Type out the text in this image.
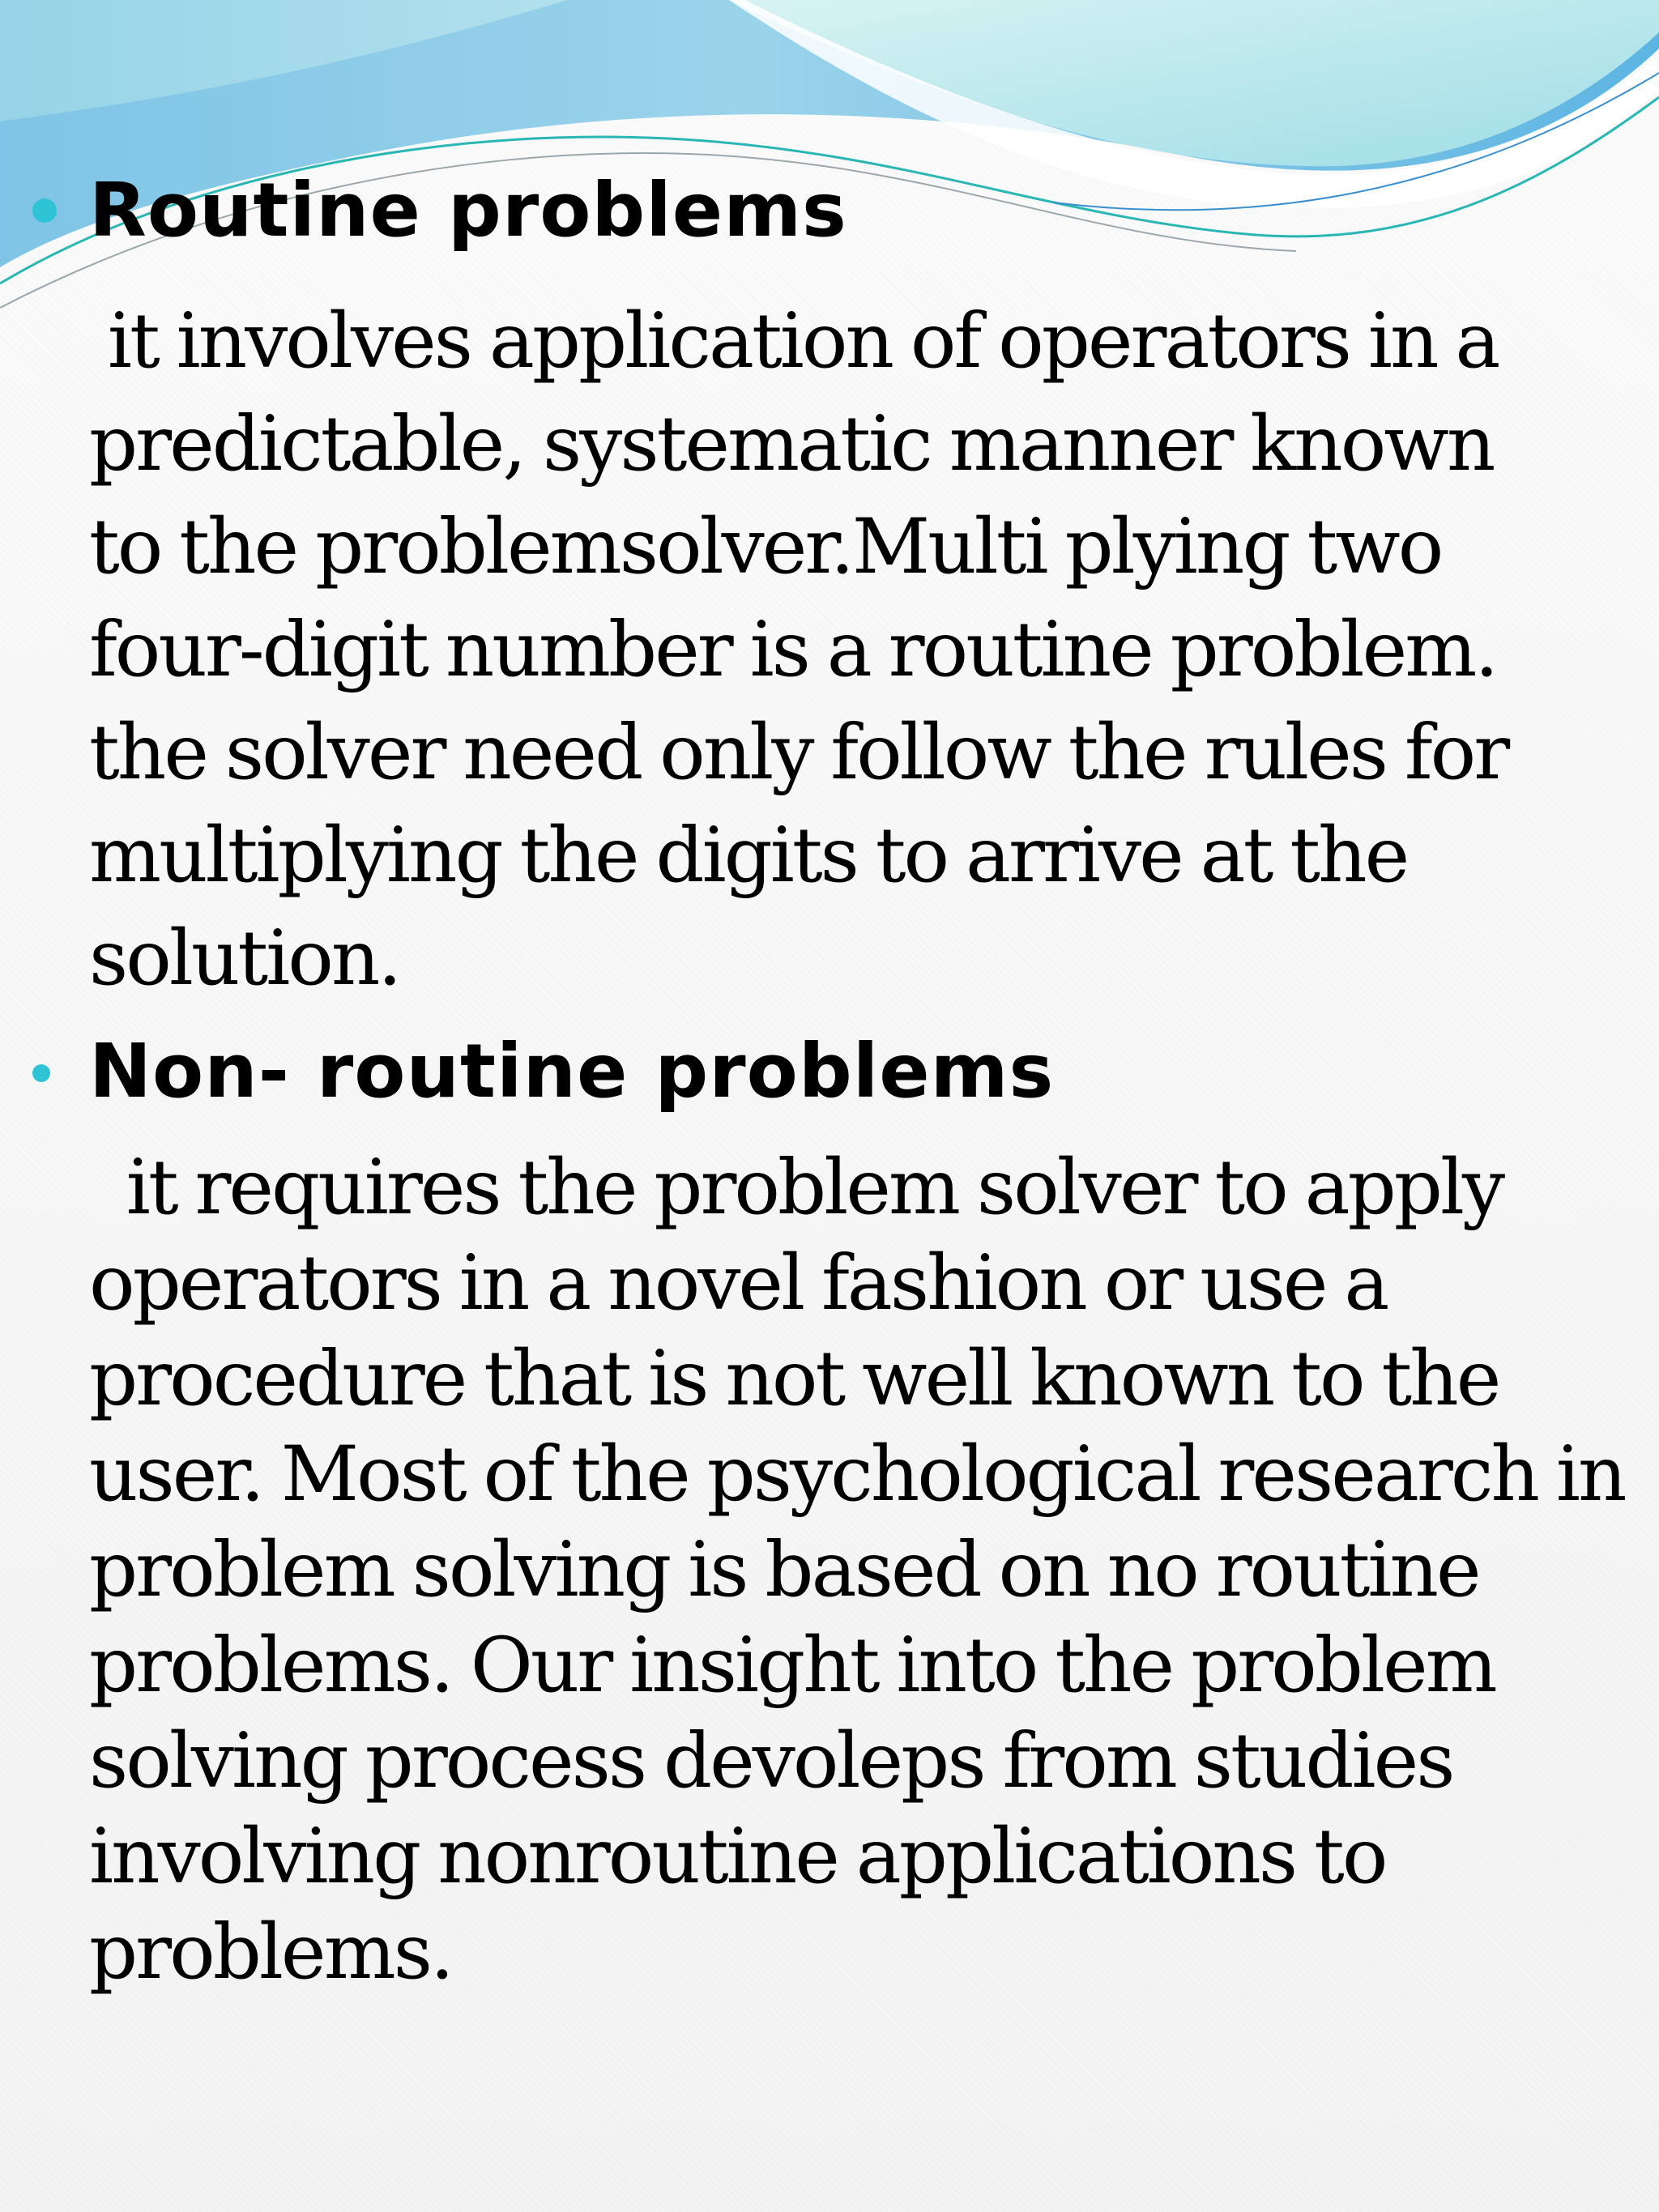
Routine problems
it involves application of operators in a
predictable, systematic manner known
to the problemsolver.Multi plying two
four-digit number is a routine problem.
the solver need only follow the rules for
multiplying the digits to arrive at the
solution.
Non- routine problems
it requires the problem solver to apply
operators in a novel fashion or use a
procedure that is not well known to the
user. Most of the psychological research in
problem solving is based on no routine
problems. Our insight into the problem
solving process devoleps from studies
involving nonroutine applications to
problems.
